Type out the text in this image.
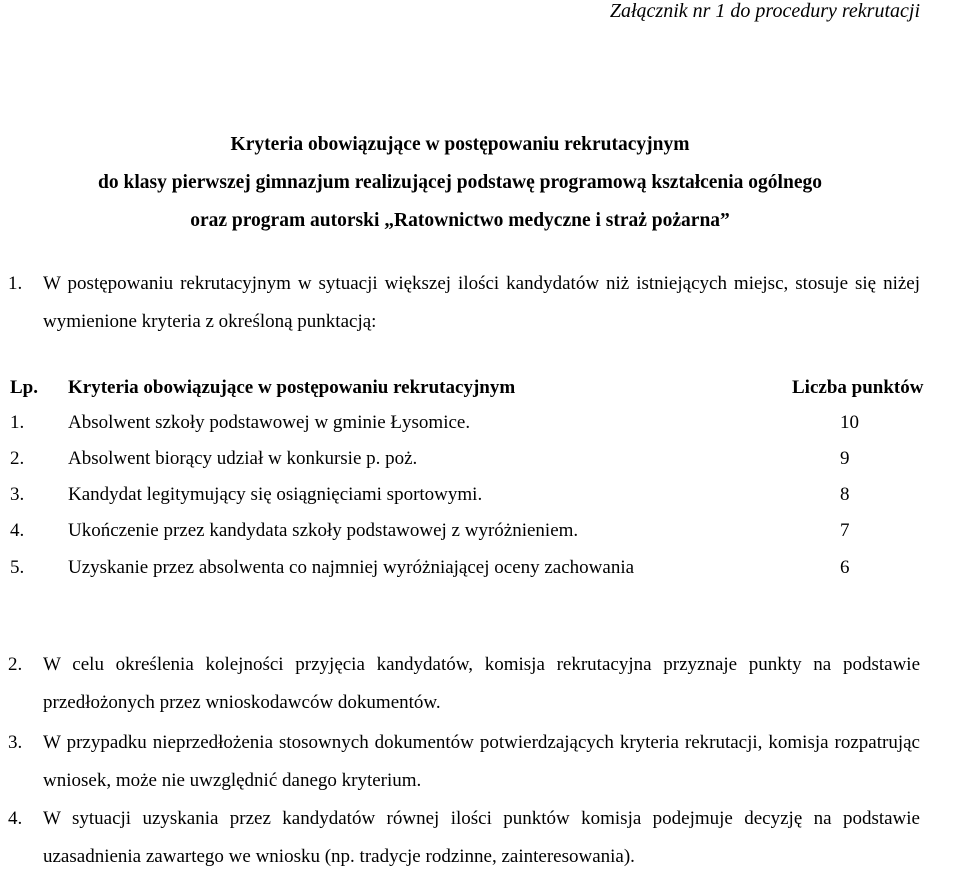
Załącznik nr 1 do procedury rekrutacji
Kryteria obowiązujące w postępowaniu rekrutacyjnym
do klasy pierwszej gimnazjum realizującej podstawę programową kształcenia ogólnego
oraz program autorski „Ratownictwo medyczne i straż pożarna”
1. W postępowaniu rekrutacyjnym w sytuacji większej ilości kandydatów niż istniejących miejsc, stosuje się niżej wymienione kryteria z określoną punktacją:
Lp.	Kryteria obowiązujące w postępowaniu rekrutacyjnym	Liczba punktów
1.	Absolwent szkoły podstawowej w gminie Łysomice.	10
2.	Absolwent biorący udział w konkursie p. poż.	9
3.	Kandydat legitymujący się osiągnięciami sportowymi.	8
4.	Ukończenie przez kandydata szkoły podstawowej z wyróżnieniem.	7
5.	Uzyskanie przez absolwenta co najmniej wyróżniającej oceny zachowania	6
2. W celu określenia kolejności przyjęcia kandydatów, komisja rekrutacyjna przyznaje punkty na podstawie przedłożonych przez wnioskodawców dokumentów.
3. W przypadku nieprzedłożenia stosownych dokumentów potwierdzających kryteria rekrutacji, komisja rozpatrując wniosek, może nie uwzględnić danego kryterium.
4. W sytuacji uzyskania przez kandydatów równej ilości punktów komisja podejmuje decyzję na podstawie uzasadnienia zawartego we wniosku (np. tradycje rodzinne, zainteresowania).
